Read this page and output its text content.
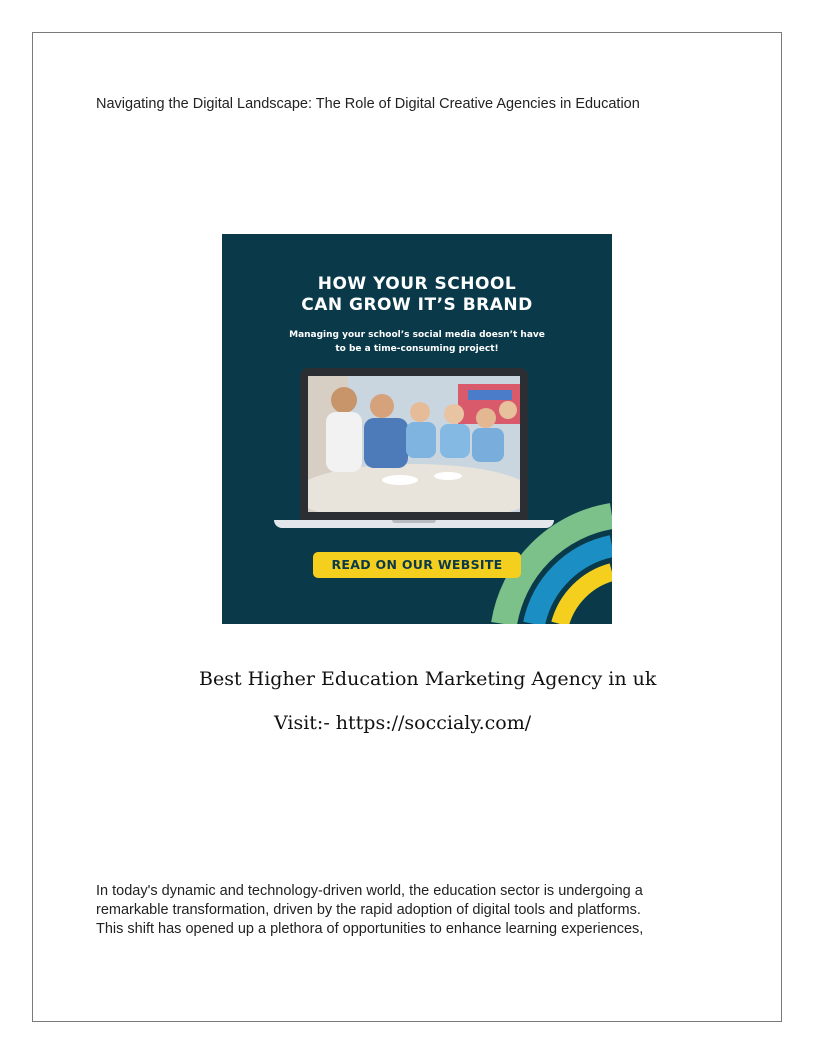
Navigating the Digital Landscape: The Role of Digital Creative Agencies in Education
HOW YOUR SCHOOL
CAN GROW IT’S BRAND
Managing your school’s social media doesn’t have
to be a time-consuming project!
READ ON OUR WEBSITE
Best Higher Education Marketing Agency in uk
Visit:- https://soccialy.com/
In today's dynamic and technology-driven world, the education sector is undergoing a
remarkable transformation, driven by the rapid adoption of digital tools and platforms.
This shift has opened up a plethora of opportunities to enhance learning experiences,
